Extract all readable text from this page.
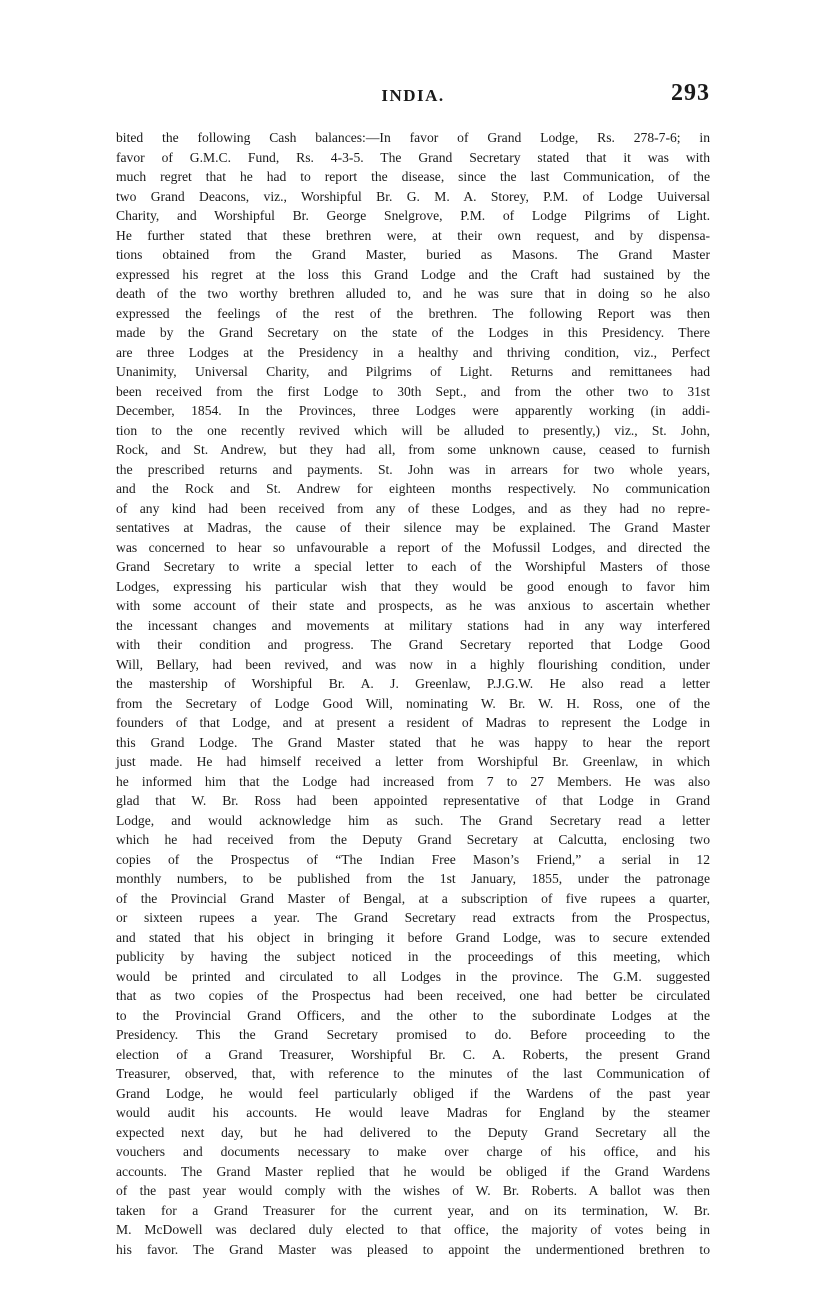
INDIA.	293
bited the following Cash balances:—In favor of Grand Lodge, Rs. 278-7-6; in
favor of G.M.C. Fund, Rs. 4-3-5. The Grand Secretary stated that it was with
much regret that he had to report the disease, since the last Communication, of the
two Grand Deacons, viz., Worshipful Br. G. M. A. Storey, P.M. of Lodge Uuiversal
Charity, and Worshipful Br. George Snelgrove, P.M. of Lodge Pilgrims of Light.
He further stated that these brethren were, at their own request, and by dispensa-
tions obtained from the Grand Master, buried as Masons. The Grand Master
expressed his regret at the loss this Grand Lodge and the Craft had sustained by the
death of the two worthy brethren alluded to, and he was sure that in doing so he also
expressed the feelings of the rest of the brethren. The following Report was then
made by the Grand Secretary on the state of the Lodges in this Presidency. There
are three Lodges at the Presidency in a healthy and thriving condition, viz., Perfect
Unanimity, Universal Charity, and Pilgrims of Light. Returns and remittanees had
been received from the first Lodge to 30th Sept., and from the other two to 31st
December, 1854. In the Provinces, three Lodges were apparently working (in addi-
tion to the one recently revived which will be alluded to presently,) viz., St. John,
Rock, and St. Andrew, but they had all, from some unknown cause, ceased to furnish
the prescribed returns and payments. St. John was in arrears for two whole years,
and the Rock and St. Andrew for eighteen months respectively. No communication
of any kind had been received from any of these Lodges, and as they had no repre-
sentatives at Madras, the cause of their silence may be explained. The Grand Master
was concerned to hear so unfavourable a report of the Mofussil Lodges, and directed the
Grand Secretary to write a special letter to each of the Worshipful Masters of those
Lodges, expressing his particular wish that they would be good enough to favor him
with some account of their state and prospects, as he was anxious to ascertain whether
the incessant changes and movements at military stations had in any way interfered
with their condition and progress. The Grand Secretary reported that Lodge Good
Will, Bellary, had been revived, and was now in a highly flourishing condition, under
the mastership of Worshipful Br. A. J. Greenlaw, P.J.G.W. He also read a letter
from the Secretary of Lodge Good Will, nominating W. Br. W. H. Ross, one of the
founders of that Lodge, and at present a resident of Madras to represent the Lodge in
this Grand Lodge. The Grand Master stated that he was happy to hear the report
just made. He had himself received a letter from Worshipful Br. Greenlaw, in which
he informed him that the Lodge had increased from 7 to 27 Members. He was also
glad that W. Br. Ross had been appointed representative of that Lodge in Grand
Lodge, and would acknowledge him as such. The Grand Secretary read a letter
which he had received from the Deputy Grand Secretary at Calcutta, enclosing two
copies of the Prospectus of “The Indian Free Mason’s Friend,” a serial in 12
monthly numbers, to be published from the 1st January, 1855, under the patronage
of the Provincial Grand Master of Bengal, at a subscription of five rupees a quarter,
or sixteen rupees a year. The Grand Secretary read extracts from the Prospectus,
and stated that his object in bringing it before Grand Lodge, was to secure extended
publicity by having the subject noticed in the proceedings of this meeting, which
would be printed and circulated to all Lodges in the province. The G.M. suggested
that as two copies of the Prospectus had been received, one had better be circulated
to the Provincial Grand Officers, and the other to the subordinate Lodges at the
Presidency. This the Grand Secretary promised to do. Before proceeding to the
election of a Grand Treasurer, Worshipful Br. C. A. Roberts, the present Grand
Treasurer, observed, that, with reference to the minutes of the last Communication of
Grand Lodge, he would feel particularly obliged if the Wardens of the past year
would audit his accounts. He would leave Madras for England by the steamer
expected next day, but he had delivered to the Deputy Grand Secretary all the
vouchers and documents necessary to make over charge of his office, and his
accounts. The Grand Master replied that he would be obliged if the Grand Wardens
of the past year would comply with the wishes of W. Br. Roberts. A ballot was then
taken for a Grand Treasurer for the current year, and on its termination, W. Br.
M. McDowell was declared duly elected to that office, the majority of votes being in
his favor. The Grand Master was pleased to appoint the undermentioned brethren to
